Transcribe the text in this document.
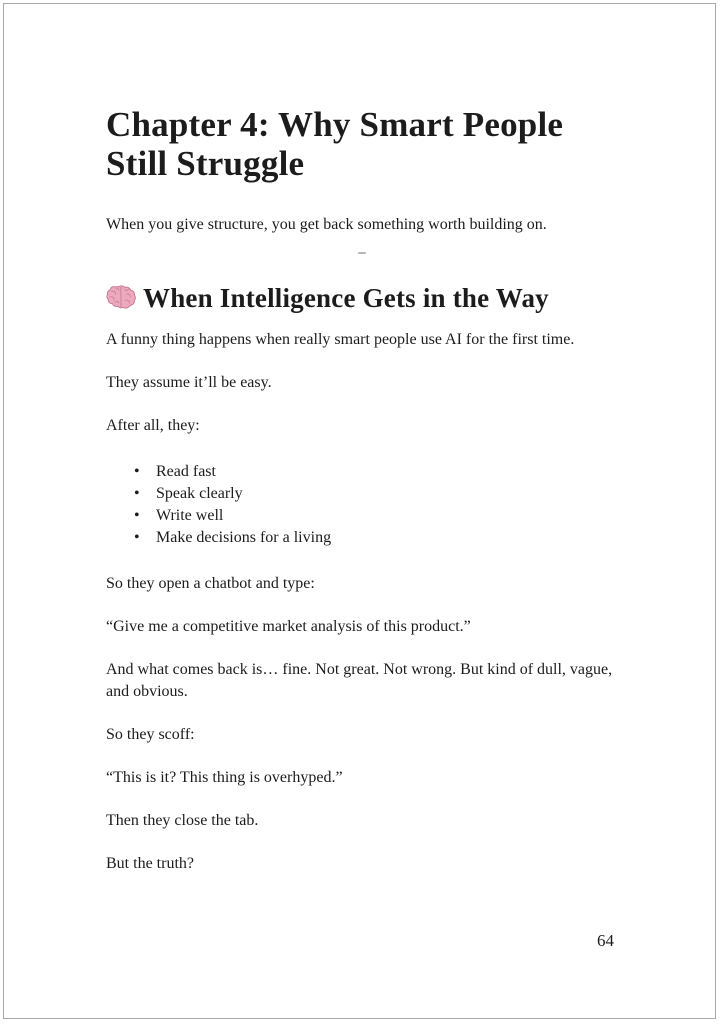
Chapter 4: Why Smart People Still Struggle

When you give structure, you get back something worth building on.

When Intelligence Gets in the Way

A funny thing happens when really smart people use AI for the first time.

They assume it’ll be easy.

After all, they:

• Read fast
• Speak clearly
• Write well
• Make decisions for a living

So they open a chatbot and type:

“Give me a competitive market analysis of this product.”

And what comes back is… fine. Not great. Not wrong. But kind of dull, vague, and obvious.

So they scoff:

“This is it? This thing is overhyped.”

Then they close the tab.

But the truth?

64
